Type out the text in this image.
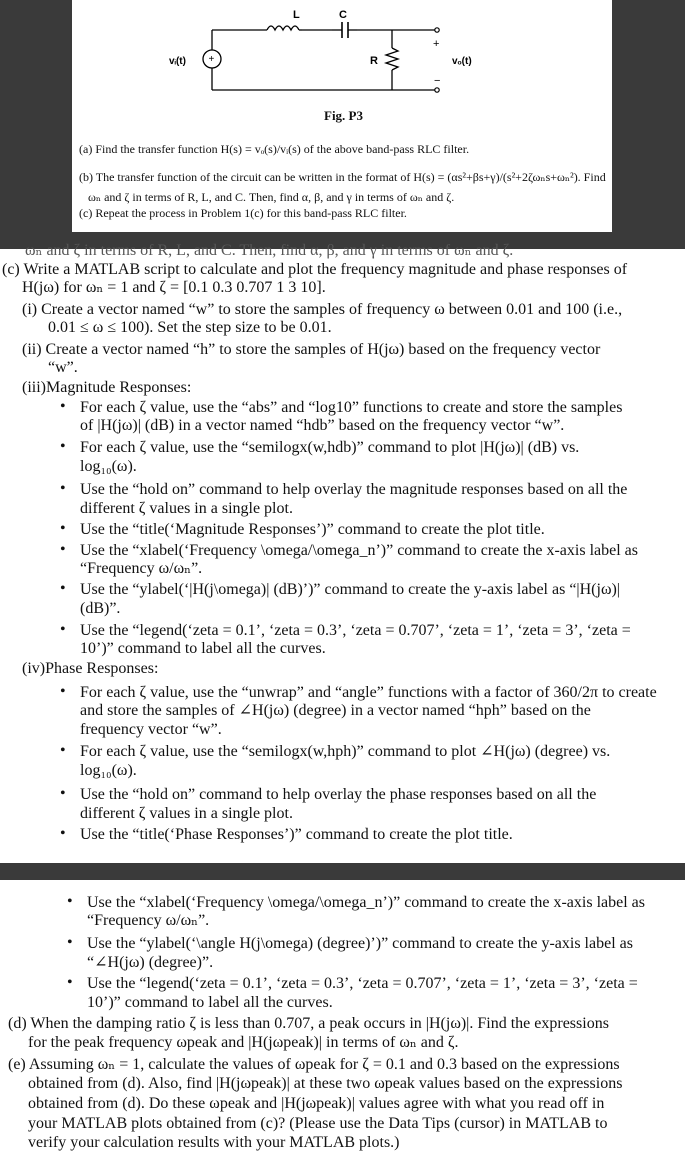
+
L	C
vᵢ(t)	R
+
vₒ(t)
−
Fig. P3
(a) Find the transfer function H(s) = vₒ(s)/vᵢ(s) of the above band-pass RLC filter.
(b) The transfer function of the circuit can be written in the format of H(s) = (αs²+βs+γ)/(s²+2ζωₙs+ωₙ²). Find
ωₙ and ζ in terms of R, L, and C. Then, find α, β, and γ in terms of ωₙ and ζ.
(c) Repeat the process in Problem 1(c) for this band-pass RLC filter.
ωₙ and ζ in terms of R, L, and C. Then, find α, β, and γ in terms of ωₙ and ζ.
(c) Write a MATLAB script to calculate and plot the frequency magnitude and phase responses of
H(jω) for ωₙ = 1 and ζ = [0.1 0.3 0.707 1 3 10].
(i) Create a vector named “w” to store the samples of frequency ω between 0.01 and 100 (i.e.,
0.01 ≤ ω ≤ 100). Set the step size to be 0.01.
(ii) Create a vector named “h” to store the samples of H(jω) based on the frequency vector
“w”.
(iii)Magnitude Responses:
• For each ζ value, use the “abs” and “log10” functions to create and store the samples
of |H(jω)| (dB) in a vector named “hdb” based on the frequency vector “w”.
• For each ζ value, use the “semilogx(w,hdb)” command to plot |H(jω)| (dB) vs.
log₁₀(ω).
• Use the “hold on” command to help overlay the magnitude responses based on all the
different ζ values in a single plot.
• Use the “title(‘Magnitude Responses’)” command to create the plot title.
• Use the “xlabel(‘Frequency \omega/\omega_n’)” command to create the x-axis label as
“Frequency ω/ωₙ”.
• Use the “ylabel(‘|H(j\omega)| (dB)’)” command to create the y-axis label as “|H(jω)|
(dB)”.
• Use the “legend(‘zeta = 0.1’, ‘zeta = 0.3’, ‘zeta = 0.707’, ‘zeta = 1’, ‘zeta = 3’, ‘zeta =
10’)” command to label all the curves.
(iv)Phase Responses:
• For each ζ value, use the “unwrap” and “angle” functions with a factor of 360/2π to create
and store the samples of ∠H(jω) (degree) in a vector named “hph” based on the
frequency vector “w”.
• For each ζ value, use the “semilogx(w,hph)” command to plot ∠H(jω) (degree) vs.
log₁₀(ω).
• Use the “hold on” command to help overlay the phase responses based on all the
different ζ values in a single plot.
• Use the “title(‘Phase Responses’)” command to create the plot title.
• Use the “xlabel(‘Frequency \omega/\omega_n’)” command to create the x-axis label as
“Frequency ω/ωₙ”.
• Use the “ylabel(‘\angle H(j\omega) (degree)’)” command to create the y-axis label as
“∠H(jω) (degree)”.
• Use the “legend(‘zeta = 0.1’, ‘zeta = 0.3’, ‘zeta = 0.707’, ‘zeta = 1’, ‘zeta = 3’, ‘zeta =
10’)” command to label all the curves.
(d) When the damping ratio ζ is less than 0.707, a peak occurs in |H(jω)|. Find the expressions
for the peak frequency ωpeak and |H(jωpeak)| in terms of ωₙ and ζ.
(e) Assuming ωₙ = 1, calculate the values of ωpeak for ζ = 0.1 and 0.3 based on the expressions
obtained from (d). Also, find |H(jωpeak)| at these two ωpeak values based on the expressions
obtained from (d). Do these ωpeak and |H(jωpeak)| values agree with what you read off in
your MATLAB plots obtained from (c)? (Please use the Data Tips (cursor) in MATLAB to
verify your calculation results with your MATLAB plots.)
